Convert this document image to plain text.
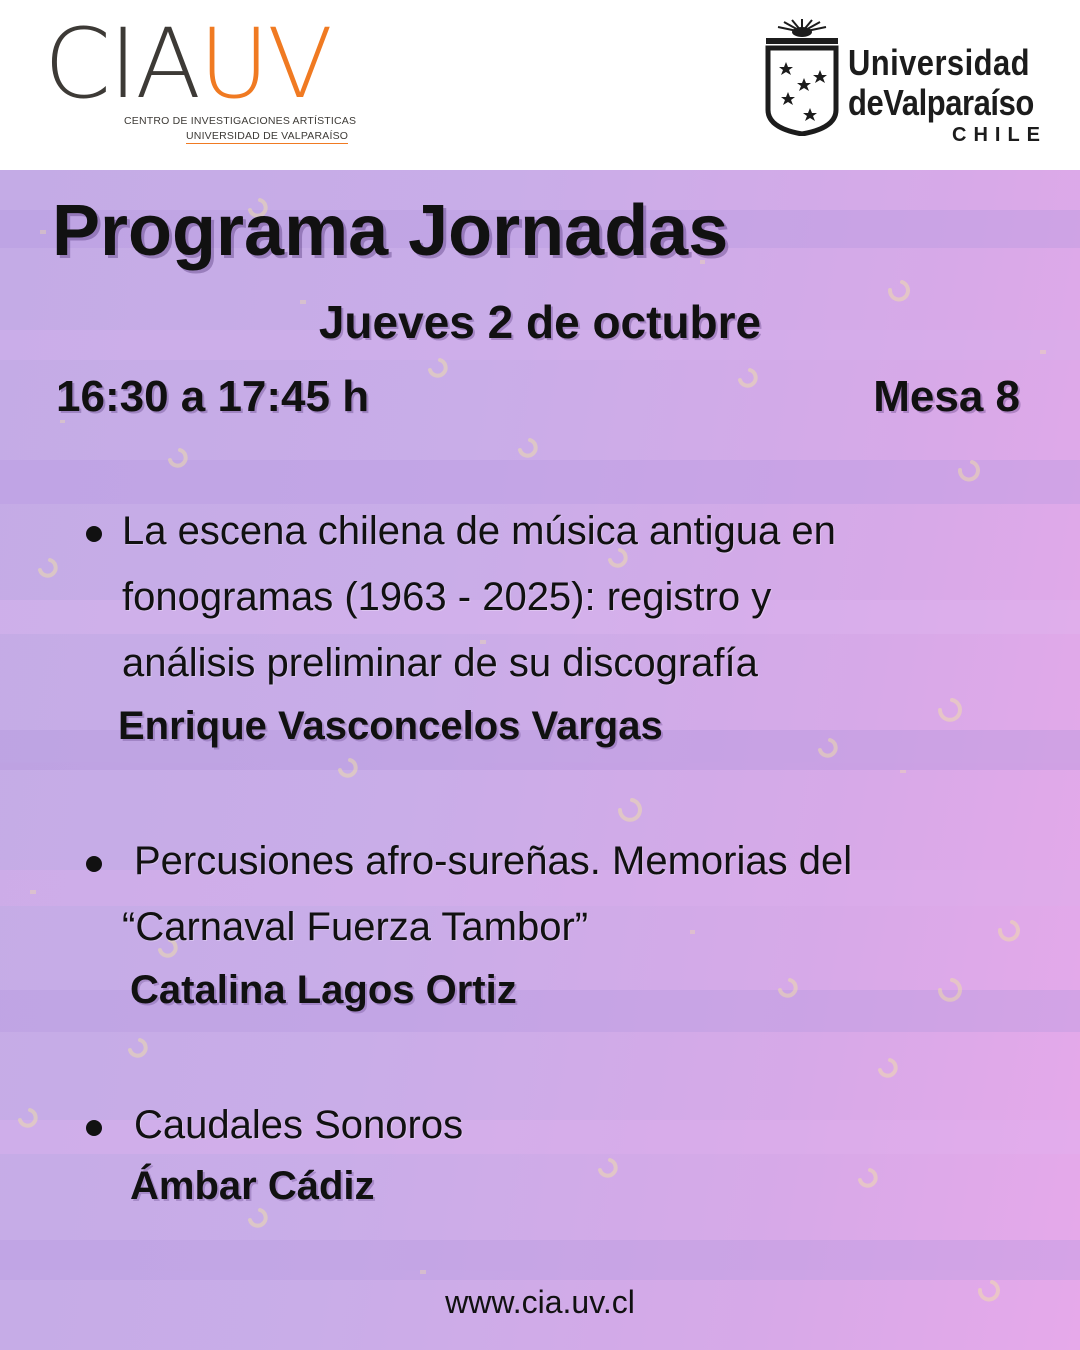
CIAUV
CENTRO DE INVESTIGACIONES ARTÍSTICAS
UNIVERSIDAD DE VALPARAÍSO
Universidad
deValparaíso
CHILE
Programa Jornadas
Jueves 2 de octubre
16:30 a 17:45 h	Mesa 8
La escena chilena de música antigua en
fonogramas (1963 - 2025): registro y
análisis preliminar de su discografía
Enrique Vasconcelos Vargas
Percusiones afro-sureñas. Memorias del
“Carnaval Fuerza Tambor”
Catalina Lagos Ortiz
Caudales Sonoros
Ámbar Cádiz
www.cia.uv.cl
